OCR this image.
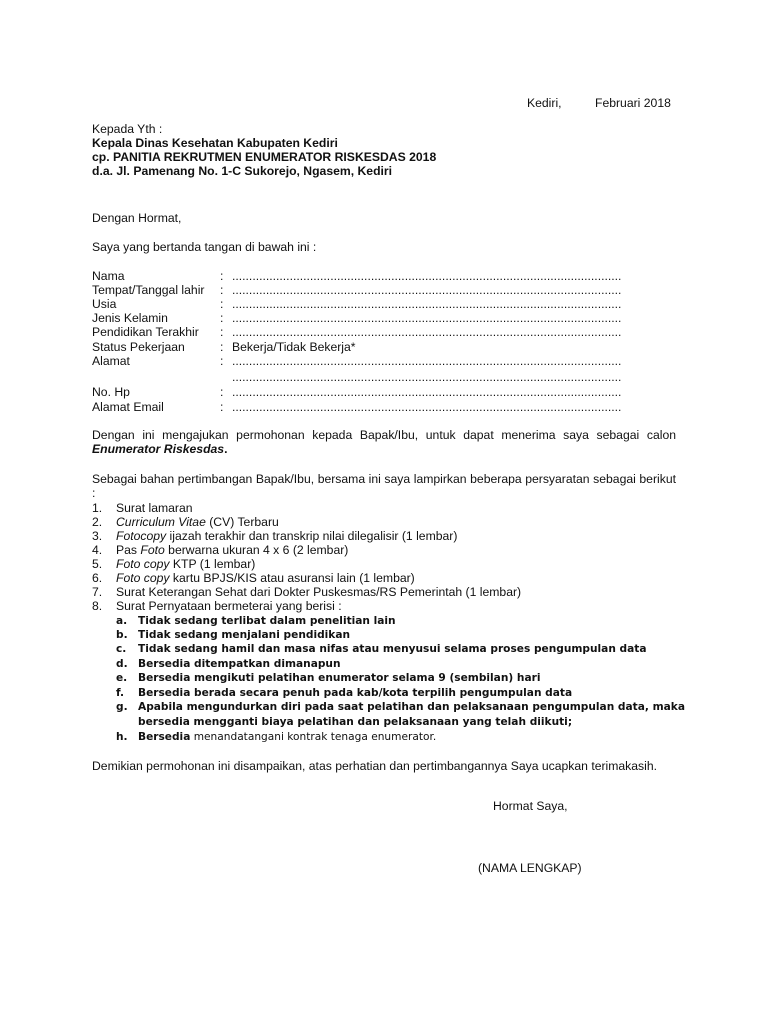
Kediri,	Februari 2018
Kepada Yth :
Kepala Dinas Kesehatan Kabupaten Kediri
cp. PANITIA REKRUTMEN ENUMERATOR RISKESDAS 2018
d.a. Jl. Pamenang No. 1-C Sukorejo, Ngasem, Kediri
Dengan Hormat,
Saya yang bertanda tangan di bawah ini :
Nama	: ...................................................................................................................
Tempat/Tanggal lahir : ...................................................................................................................
Usia	: ...................................................................................................................
Jenis Kelamin	: ...................................................................................................................
Pendidikan Terakhir : ...................................................................................................................
Status Pekerjaan	: Bekerja/Tidak Bekerja*
Alamat	: ...................................................................................................................
...................................................................................................................
No. Hp	: ...................................................................................................................
Alamat Email	: ...................................................................................................................
Dengan ini mengajukan permohonan kepada Bapak/Ibu, untuk dapat menerima saya sebagai calon Enumerator Riskesdas.
Sebagai bahan pertimbangan Bapak/Ibu, bersama ini saya lampirkan beberapa persyaratan sebagai berikut :
1. Surat lamaran
2. Curriculum Vitae (CV) Terbaru
3. Fotocopy ijazah terakhir dan transkrip nilai dilegalisir (1 lembar)
4. Pas Foto berwarna ukuran 4 x 6 (2 lembar)
5. Foto copy KTP (1 lembar)
6. Foto copy kartu BPJS/KIS atau asuransi lain (1 lembar)
7. Surat Keterangan Sehat dari Dokter Puskesmas/RS Pemerintah (1 lembar)
8. Surat Pernyataan bermeterai yang berisi :
a. Tidak sedang terlibat dalam penelitian lain
b. Tidak sedang menjalani pendidikan
c. Tidak sedang hamil dan masa nifas atau menyusui selama proses pengumpulan data
d. Bersedia ditempatkan dimanapun
e. Bersedia mengikuti pelatihan enumerator selama 9 (sembilan) hari
f. Bersedia berada secara penuh pada kab/kota terpilih pengumpulan data
g. Apabila mengundurkan diri pada saat pelatihan dan pelaksanaan pengumpulan data, maka
bersedia mengganti biaya pelatihan dan pelaksanaan yang telah diikuti;
h. Bersedia menandatangani kontrak tenaga enumerator.
Demikian permohonan ini disampaikan, atas perhatian dan pertimbangannya Saya ucapkan terimakasih.
Hormat Saya,
(NAMA LENGKAP)
